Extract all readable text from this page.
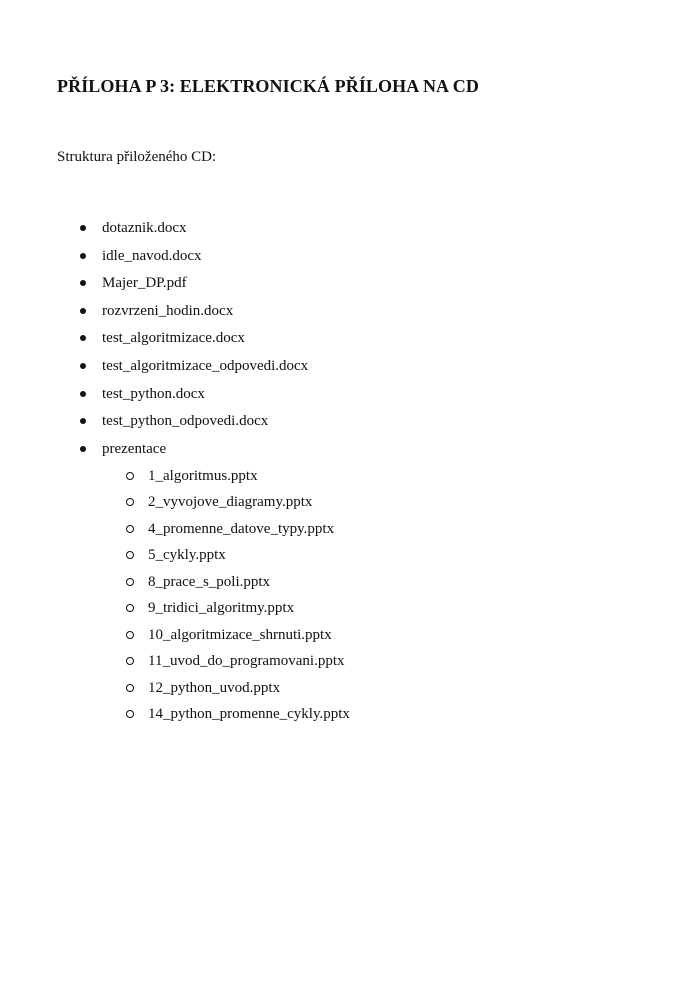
PŘÍLOHA P 3: ELEKTRONICKÁ PŘÍLOHA NA CD

Struktura přiloženého CD:

dotaznik.docx
idle_navod.docx
Majer_DP.pdf
rozvrzeni_hodin.docx
test_algoritmizace.docx
test_algoritmizace_odpovedi.docx
test_python.docx
test_python_odpovedi.docx
prezentace
1_algoritmus.pptx
2_vyvojove_diagramy.pptx
4_promenne_datove_typy.pptx
5_cykly.pptx
8_prace_s_poli.pptx
9_tridici_algoritmy.pptx
10_algoritmizace_shrnuti.pptx
11_uvod_do_programovani.pptx
12_python_uvod.pptx
14_python_promenne_cykly.pptx
